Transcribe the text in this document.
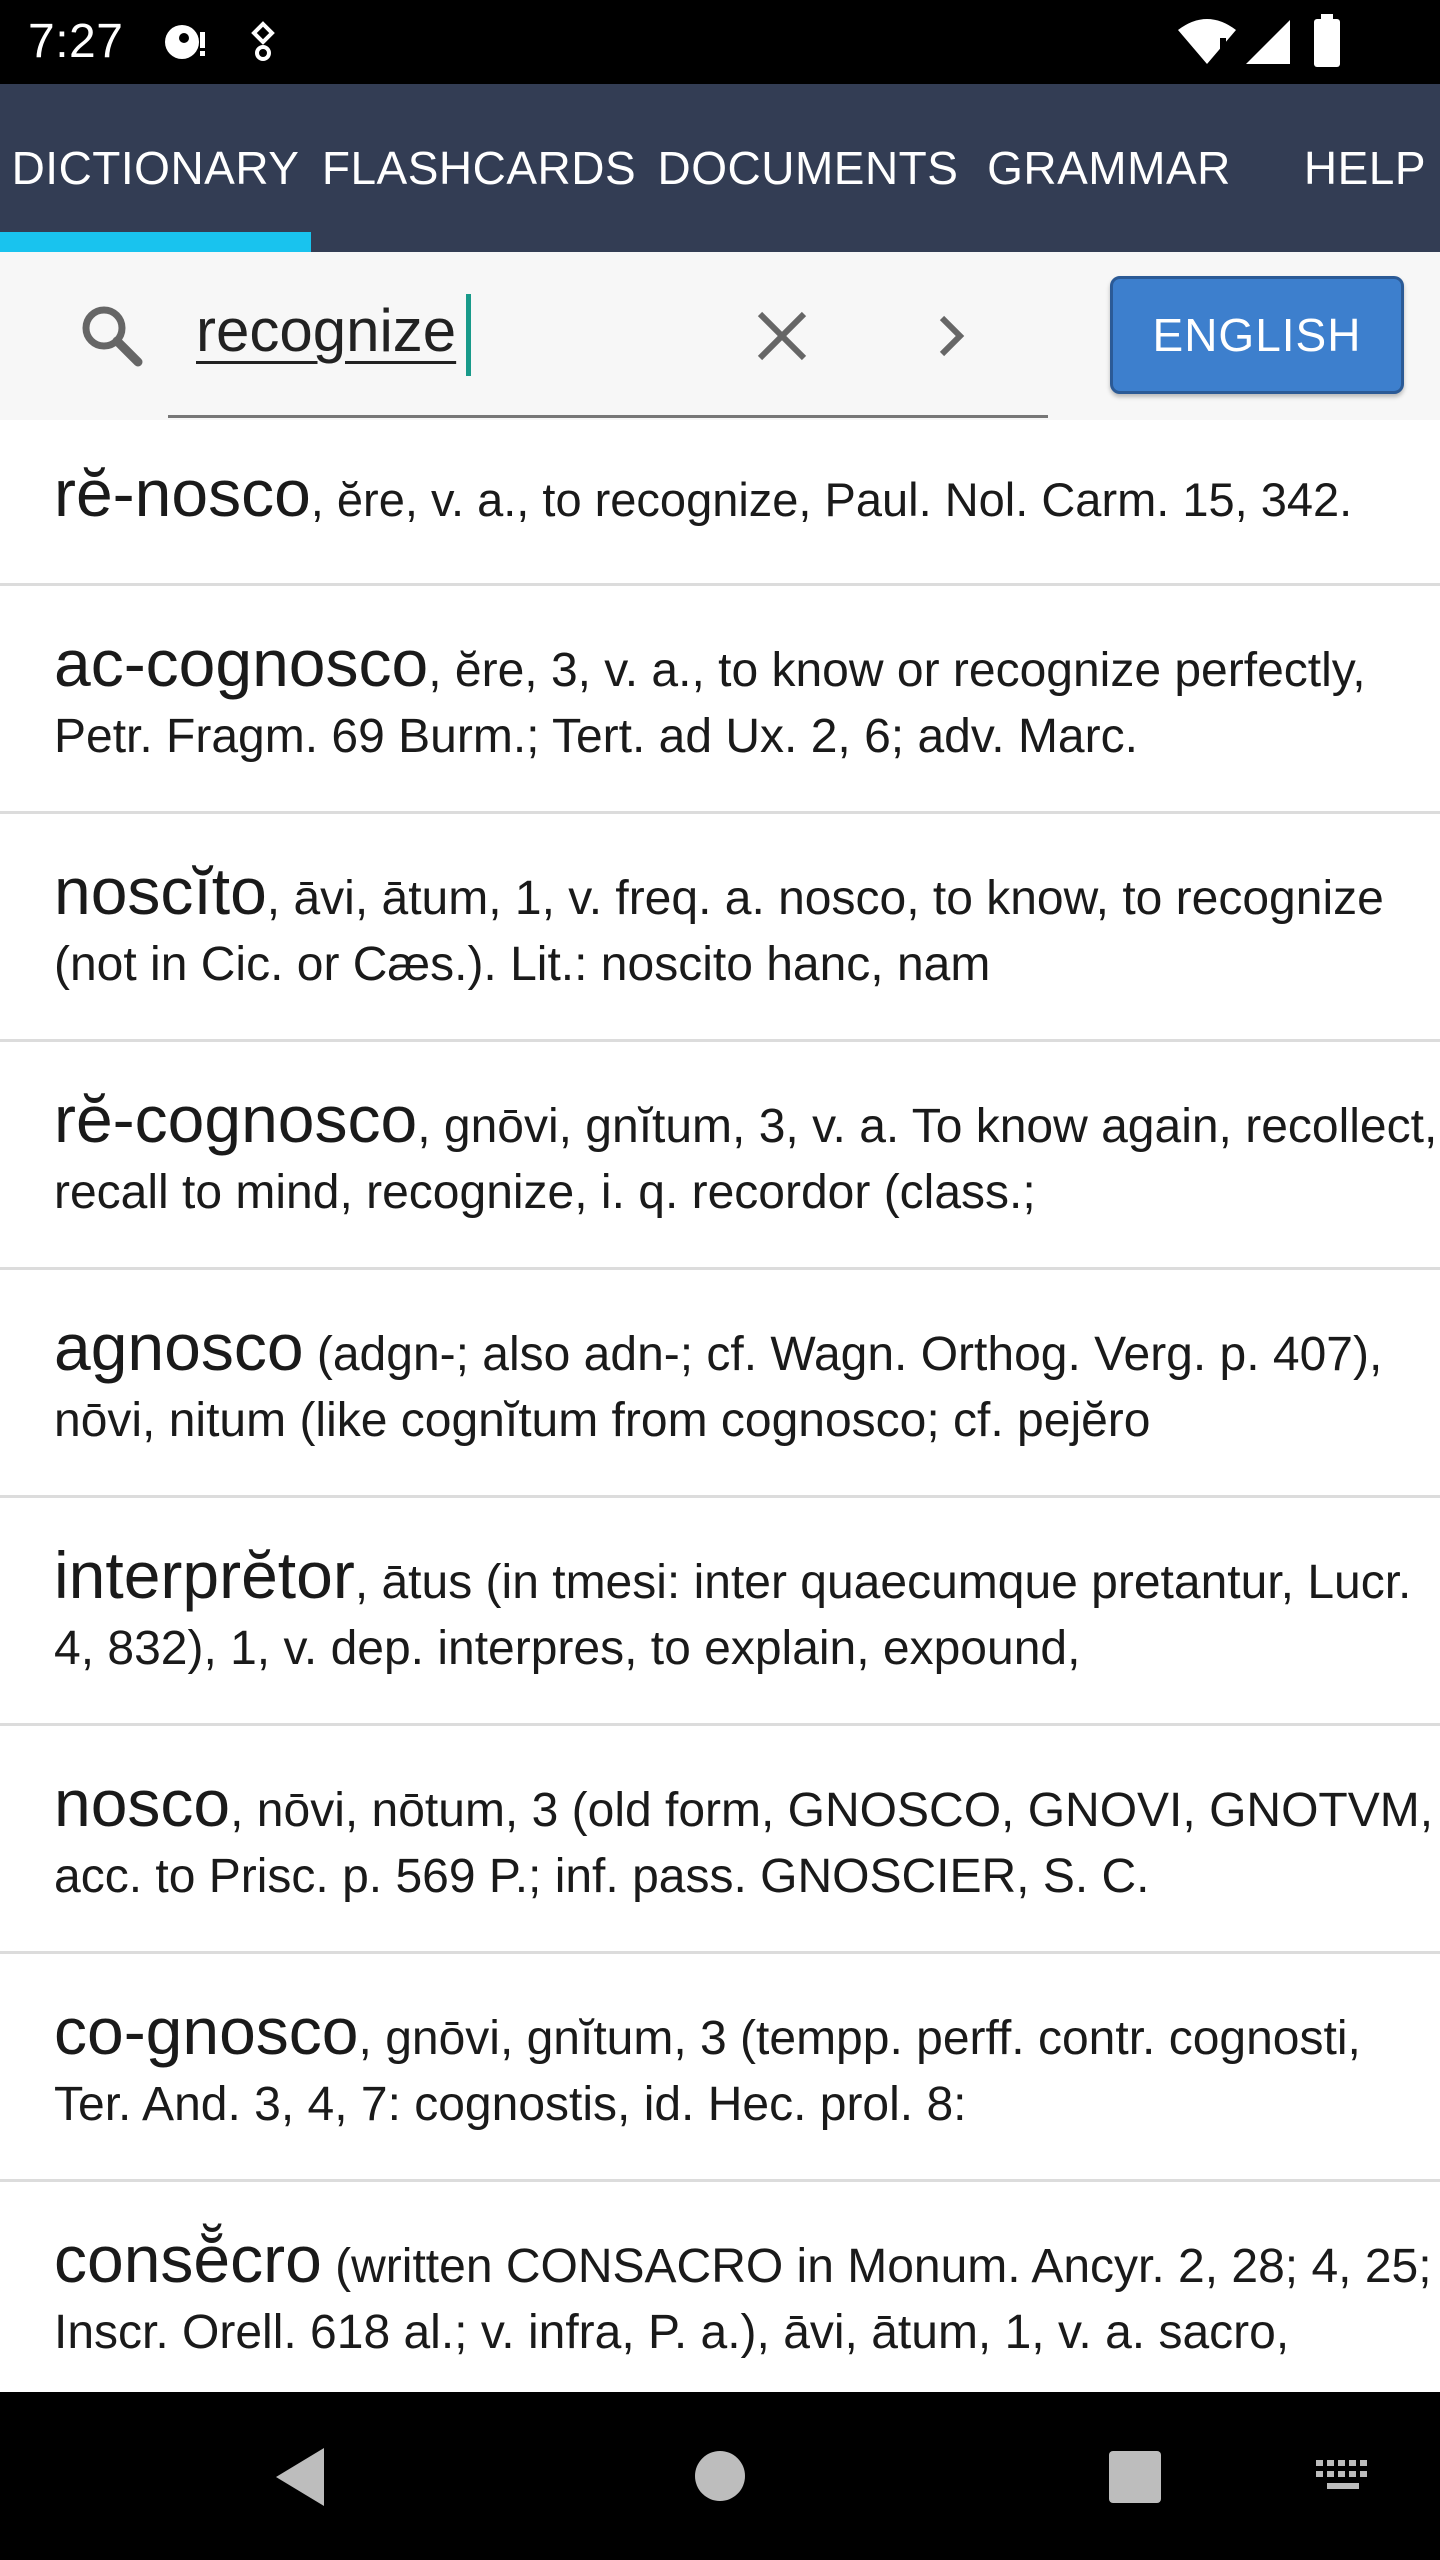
7:27
DICTIONARY FLASHCARDS DOCUMENTS GRAMMAR HELP
recognize	ENGLISH
rĕ-nosco, ĕre, v. a., to recognize, Paul. Nol. Carm. 15, 342.
ac-cognosco, ĕre, 3, v. a., to know or recognize perfectly, Petr. Fragm. 69 Burm.; Tert. ad Ux. 2, 6; adv. Marc.
noscĭto, āvi, ātum, 1, v. freq. a. nosco, to know, to recognize (not in Cic. or Cæs.). Lit.: noscito hanc, nam
rĕ-cognosco, gnōvi, gnĭtum, 3, v. a. To know again, recollect, recall to mind, recognize, i. q. recordor (class.;
agnosco (adgn-; also adn-; cf. Wagn. Orthog. Verg. p. 407), nōvi, nitum (like cognĭtum from cognosco; cf. pejĕro
interprĕtor, ātus (in tmesi: inter quaecumque pretantur, Lucr. 4, 832), 1, v. dep. interpres, to explain, expound,
nosco, nōvi, nōtum, 3 (old form, GNOSCO, GNOVI, GNOTVM, acc. to Prisc. p. 569 P.; inf. pass. GNOSCIER, S. C.
co-gnosco, gnōvi, gnĭtum, 3 (tempp. perff. contr. cognosti, Ter. And. 3, 4, 7: cognostis, id. Hec. prol. 8:
consĕ̆cro (written CONSACRO in Monum. Ancyr. 2, 28; 4, 25; Inscr. Orell. 618 al.; v. infra, P. a.), āvi, ātum, 1, v. a. sacro,
